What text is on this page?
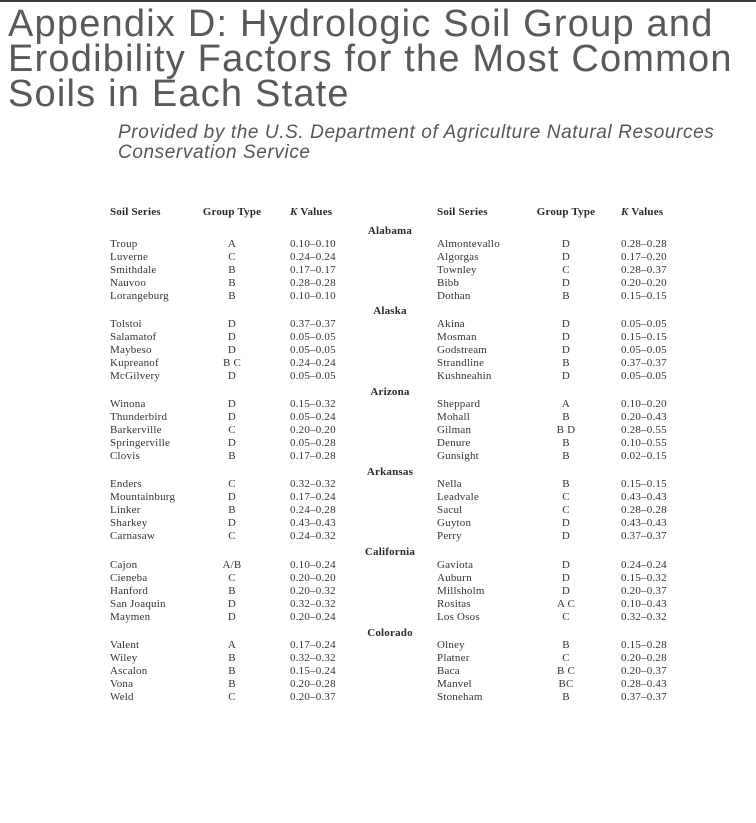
Appendix D: Hydrologic Soil Group and
Erodibility Factors for the Most Common
Soils in Each State
Provided by the U.S. Department of Agriculture Natural Resources
Conservation Service
Soil Series	Group Type	K Values	Soil Series	Group Type K Values
Alabama
Troup	A	0.10–0.10	Almontevallo	D	0.28–0.28
Luverne	C	0.24–0.24	Algorgas	D	0.17–0.20
Smithdale	B	0.17–0.17	Townley	C	0.28–0.37
Nauvoo	B	0.28–0.28	Bibb	D	0.20–0.20
Lorangeburg	B	0.10–0.10	Dothan	B	0.15–0.15
Alaska
Tolstoi	D	0.37–0.37	Akina	D	0.05–0.05
Salamatof	D	0.05–0.05	Mosman	D	0.15–0.15
Maybeso	D	0.05–0.05	Godstream	D	0.05–0.05
Kupreanof	B C	0.24–0.24	Strandline	B	0.37–0.37
McGilvery	D	0.05–0.05	Kushneahin	D	0.05–0.05
Arizona
Winona	D	0.15–0.32	Sheppard	A	0.10–0.20
Thunderbird	D	0.05–0.24	Mohall	B	0.20–0.43
Barkerville	C	0.20–0.20	Gilman	B D	0.28–0.55
Springerville	D	0.05–0.28	Denure	B	0.10–0.55
Clovis	B	0.17–0.28	Gunsight	B	0.02–0.15
Arkansas
Enders	C	0.32–0.32	Nella	B	0.15–0.15
Mountainburg	D	0.17–0.24	Leadvale	C	0.43–0.43
Linker	B	0.24–0.28	Sacul	C	0.28–0.28
Sharkey	D	0.43–0.43	Guyton	D	0.43–0.43
Carnasaw	C	0.24–0.32	Perry	D	0.37–0.37
California
Cajon	A/B	0.10–0.24	Gaviota	D	0.24–0.24
Cieneba	C	0.20–0.20	Auburn	D	0.15–0.32
Hanford	B	0.20–0.32	Millsholm	D	0.20–0.37
San Joaquin	D	0.32–0.32	Rositas	A C	0.10–0.43
Maymen	D	0.20–0.24	Los Osos	C	0.32–0.32
Colorado
Valent	A	0.17–0.24	Olney	B	0.15–0.28
Wiley	B	0.32–0.32	Platner	C	0.20–0.28
Ascalon	B	0.15–0.24	Baca	B C	0.20–0.37
Vona	B	0.20–0.28	Manvel	BC	0.28–0.43
Weld	C	0.20–0.37	Stoneham	B	0.37–0.37
